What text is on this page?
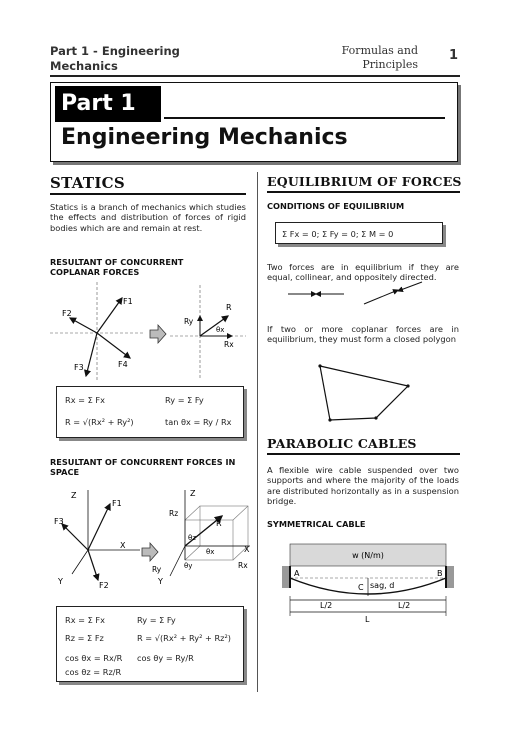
Part 1 - Engineering
Mechanics
Formulas and
Principles
1
Part 1
Engineering Mechanics
STATICS
Statics is a branch of mechanics which studies the effects and distribution of forces of rigid bodies which are and remain at rest.
RESULTANT OF CONCURRENT COPLANAR FORCES
F1
F2
F3	F4
R
Ry
Rx
θx
Rx = Σ Fx	Ry = Σ Fy
R = √(Rx² + Ry²)	tan θx = Ry / Rx
RESULTANT OF CONCURRENT FORCES IN SPACE
Z
Y
X
F1
F3
F2
Z
Y
X
Rz
R
Ry	Rx
θz
θx
θy
Rx = Σ Fx	Ry = Σ Fy
Rz = Σ Fz	R = √(Rx² + Ry² + Rz²)
cos θx = Rx/R cos θy = Ry/R
cos θz = Rz/R
EQUILIBRIUM OF FORCES
CONDITIONS OF EQUILIBRIUM
Σ Fx = 0; Σ Fy = 0; Σ M = 0
Two forces are in equilibrium if they are equal, collinear, and oppositely directed.
If two or more coplanar forces are in equilibrium, they must form a closed polygon
PARABOLIC CABLES
A flexible wire cable suspended over two supports and where the majority of the loads are distributed horizontally as in a suspension bridge.
SYMMETRICAL CABLE
w (N/m)
A	B
C sag, d
L/2	L/2
L
